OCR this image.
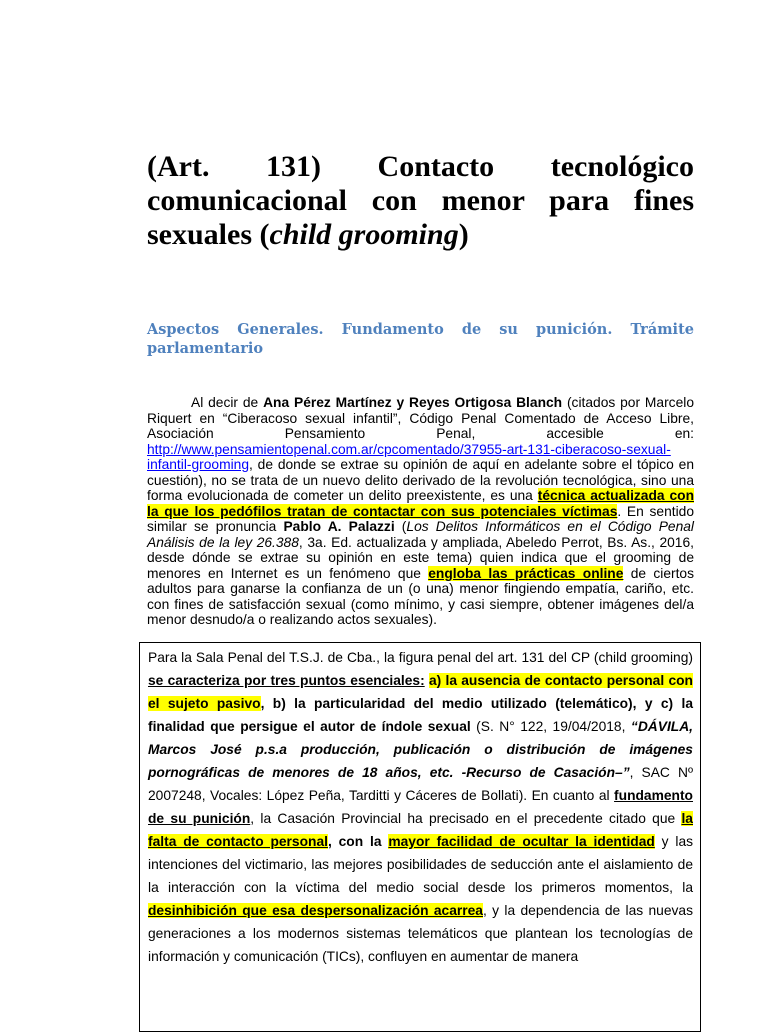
(Art. 131) Contacto tecnológico comunicacional con menor para fines sexuales (child grooming)
Aspectos Generales. Fundamento de su punición. Trámite parlamentario

Al decir de Ana Pérez Martínez y Reyes Ortigosa Blanch (citados por Marcelo Riquert en “Ciberacoso sexual infantil”, Código Penal Comentado de Acceso Libre, Asociación Pensamiento Penal, accesible en: http://www.pensamientopenal.com.ar/cpcomentado/37955-art-131-ciberacoso-sexual-infantil-grooming, de donde se extrae su opinión de aquí en adelante sobre el tópico en cuestión), no se trata de un nuevo delito derivado de la revolución tecnológica, sino una forma evolucionada de cometer un delito preexistente, es una técnica actualizada con la que los pedófilos tratan de contactar con sus potenciales víctimas. En sentido similar se pronuncia Pablo A. Palazzi (Los Delitos Informáticos en el Código Penal Análisis de la ley 26.388, 3a. Ed. actualizada y ampliada, Abeledo Perrot, Bs. As., 2016, desde dónde se extrae su opinión en este tema) quien indica que el grooming de menores en Internet es un fenómeno que engloba las prácticas online de ciertos adultos para ganarse la confianza de un (o una) menor fingiendo empatía, cariño, etc. con fines de satisfacción sexual (como mínimo, y casi siempre, obtener imágenes del/a menor desnudo/a o realizando actos sexuales).

Para la Sala Penal del T.S.J. de Cba., la figura penal del art. 131 del CP (child grooming) se caracteriza por tres puntos esenciales: a) la ausencia de contacto personal con el sujeto pasivo, b) la particularidad del medio utilizado (telemático), y c) la finalidad que persigue el autor de índole sexual (S. N° 122, 19/04/2018, “DÁVILA, Marcos José p.s.a producción, publicación o distribución de imágenes pornográficas de menores de 18 años, etc. -Recurso de Casación–”, SAC Nº 2007248, Vocales: López Peña, Tarditti y Cáceres de Bollati). En cuanto al fundamento de su punición, la Casación Provincial ha precisado en el precedente citado que la falta de contacto personal, con la mayor facilidad de ocultar la identidad y las intenciones del victimario, las mejores posibilidades de seducción ante el aislamiento de la interacción con la víctima del medio social desde los primeros momentos, la desinhibición que esa despersonalización acarrea, y la dependencia de las nuevas generaciones a los modernos sistemas telemáticos que plantean los tecnologías de información y comunicación (TICs), confluyen en aumentar de manera
